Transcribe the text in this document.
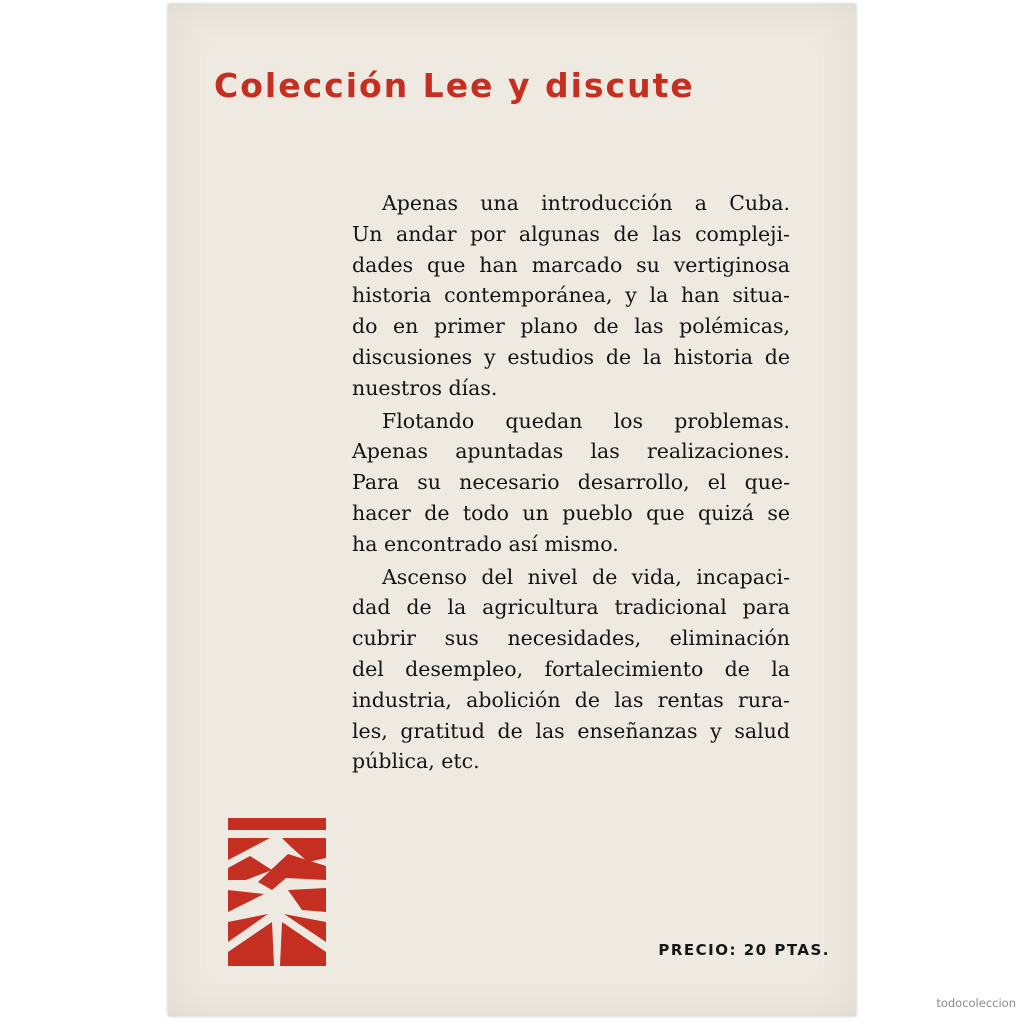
Colección Lee y discute

Apenas una introducción a Cuba.
Un andar por algunas de las compleji-
dades que han marcado su vertiginosa
historia contemporánea, y la han situa-
do en primer plano de las polémicas,
discusiones y estudios de la historia de
nuestros días.

Flotando quedan los problemas.
Apenas apuntadas las realizaciones.
Para su necesario desarrollo, el que-
hacer de todo un pueblo que quizá se
ha encontrado así mismo.

Ascenso del nivel de vida, incapaci-
dad de la agricultura tradicional para
cubrir sus necesidades, eliminación
del desempleo, fortalecimiento de la
industria, abolición de las rentas rura-
les, gratitud de las enseñanzas y salud
pública, etc.

PRECIO: 20 PTAS.
todocoleccion
